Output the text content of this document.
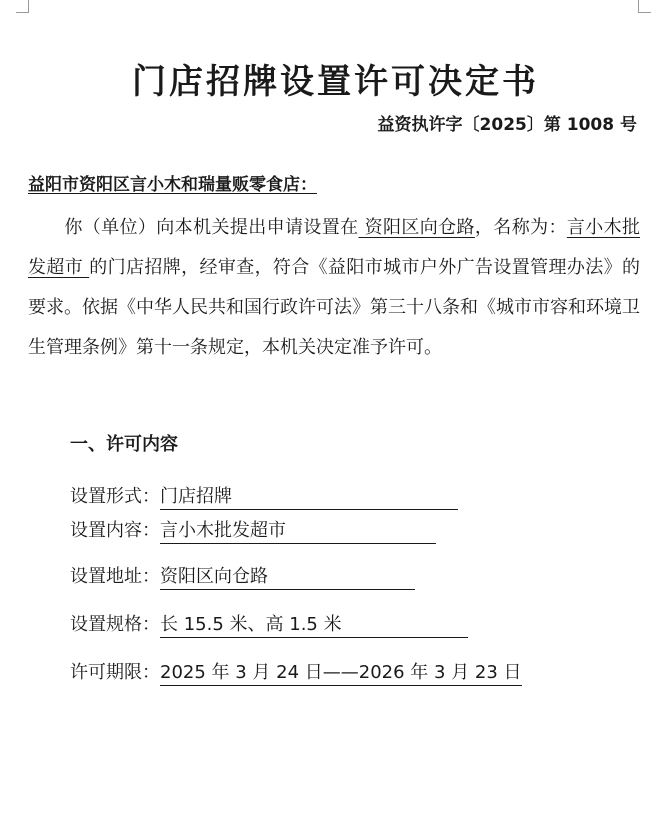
门店招牌设置许可决定书
益资执许字〔2025〕第 1008 号
益阳市资阳区言小木和瑞量贩零食店：
你（单位）向本机关提出申请设置在 资阳区向仓路，名称为：言小木批发超市 的门店招牌，经审查，符合《益阳市城市户外广告设置管理办法》的要求。依据《中华人民共和国行政许可法》第三十八条和《城市市容和环境卫生管理条例》第十一条规定，本机关决定准予许可。
一、许可内容
设置形式：门店招牌
设置内容：言小木批发超市
设置地址：资阳区向仓路
设置规格：长 15.5 米、高 1.5 米
许可期限：2025 年 3 月 24 日——2026 年 3 月 23 日
